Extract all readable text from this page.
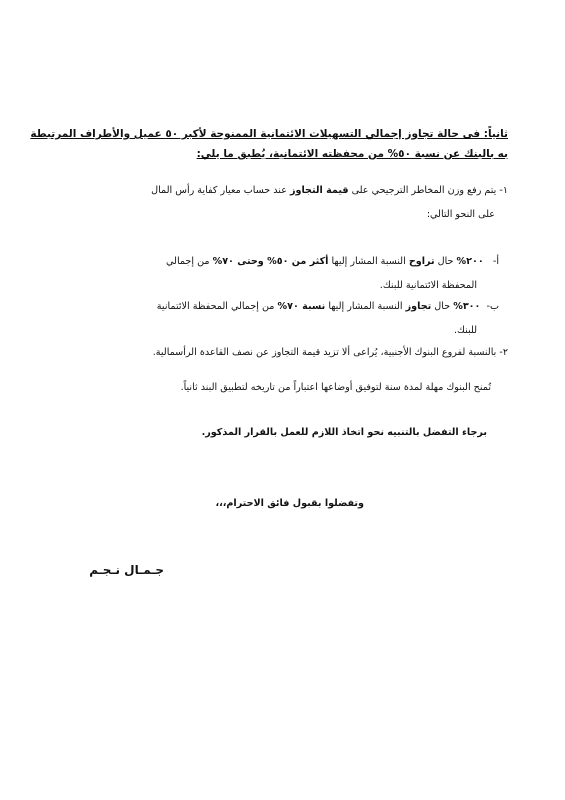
ثانياً: فى حالة تجاوز إجمالي التسهيلات الائتمانية الممنوحة لأكبر ٥٠ عميل والأطراف المرتبطة
به بالبنك عن نسبة ٥٠% من محفظته الائتمانية، يُطبق ما يلي:
١- يتم رفع وزن المخاطر الترجيحي على قيمة التجاوز عند حساب معيار كفاية رأس المال
على النحو التالي:
أ-   ٢٠٠% حال تراوح النسبة المشار إليها أكثر من ٥٠% وحتى ٧٠% من إجمالي
المحفظة الائتمانية للبنك.
ب-  ٣٠٠% حال تجاوز النسبة المشار إليها نسبة ٧٠% من إجمالي المحفظة الائتمانية
للبنك.
٢- بالنسبة لفروع البنوك الأجنبية، يُراعى ألا تزيد قيمة التجاوز عن نصف القاعدة الرأسمالية.
تُمنح البنوك مهلة لمدة سنة لتوفيق أوضاعها اعتباراً من تاريخه لتطبيق البند ثانياً.
برجاء التفضل بالتنبيه نحو اتخاذ اللازم للعمل بالقرار المذكور.
وتفضلوا بقبول فائق الاحترام،،،
جـمـال نـجـم
